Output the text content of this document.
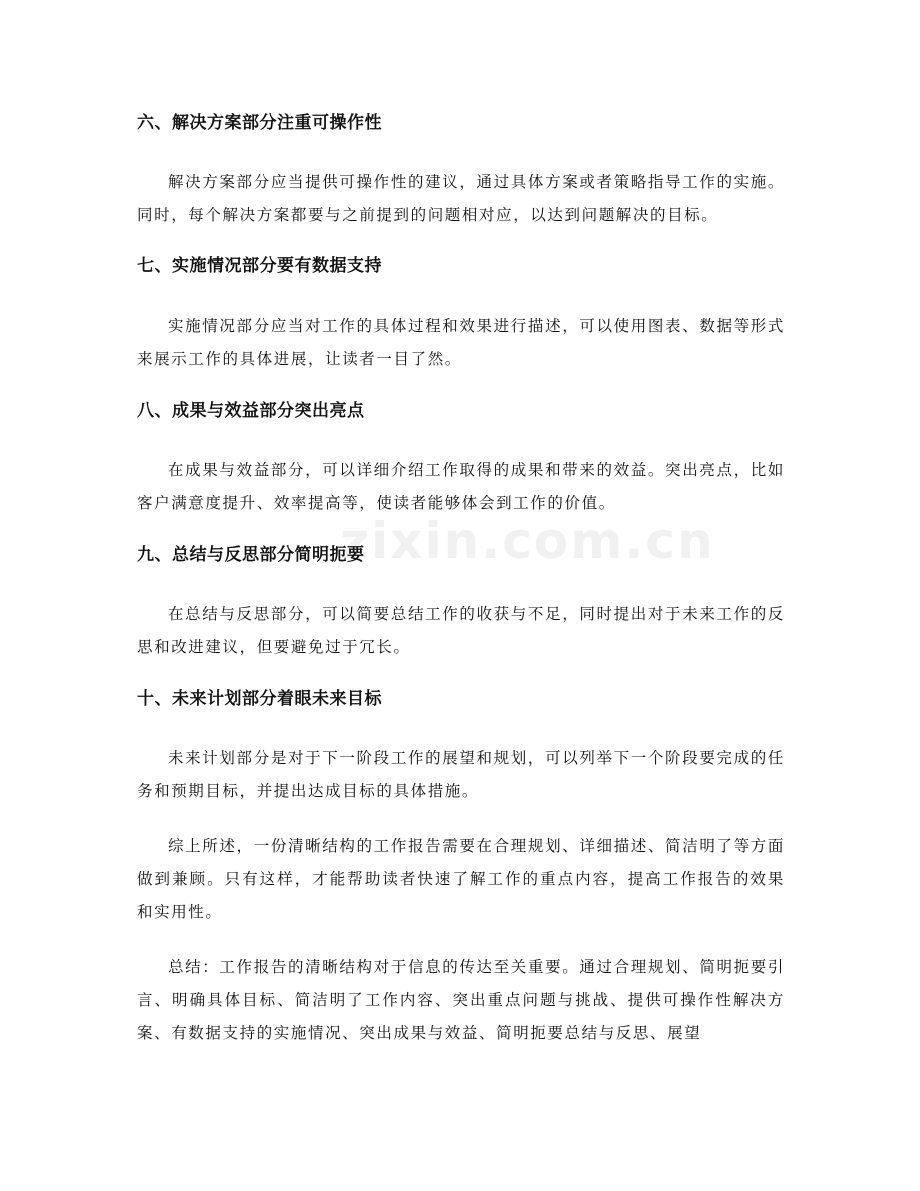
zixin.com.cn
六、解决方案部分注重可操作性

解决方案部分应当提供可操作性的建议，通过具体方案或者策略指导工作的实施。同时，每个解决方案都要与之前提到的问题相对应，以达到问题解决的目标。

七、实施情况部分要有数据支持

实施情况部分应当对工作的具体过程和效果进行描述，可以使用图表、数据等形式来展示工作的具体进展，让读者一目了然。

八、成果与效益部分突出亮点

在成果与效益部分，可以详细介绍工作取得的成果和带来的效益。突出亮点，比如客户满意度提升、效率提高等，使读者能够体会到工作的价值。

九、总结与反思部分简明扼要

在总结与反思部分，可以简要总结工作的收获与不足，同时提出对于未来工作的反思和改进建议，但要避免过于冗长。

十、未来计划部分着眼未来目标

未来计划部分是对于下一阶段工作的展望和规划，可以列举下一个阶段要完成的任务和预期目标，并提出达成目标的具体措施。

综上所述，一份清晰结构的工作报告需要在合理规划、详细描述、简洁明了等方面做到兼顾。只有这样，才能帮助读者快速了解工作的重点内容，提高工作报告的效果和实用性。

总结：工作报告的清晰结构对于信息的传达至关重要。通过合理规划、简明扼要引言、明确具体目标、简洁明了工作内容、突出重点问题与挑战、提供可操作性解决方案、有数据支持的实施情况、突出成果与效益、简明扼要总结与反思、展望
